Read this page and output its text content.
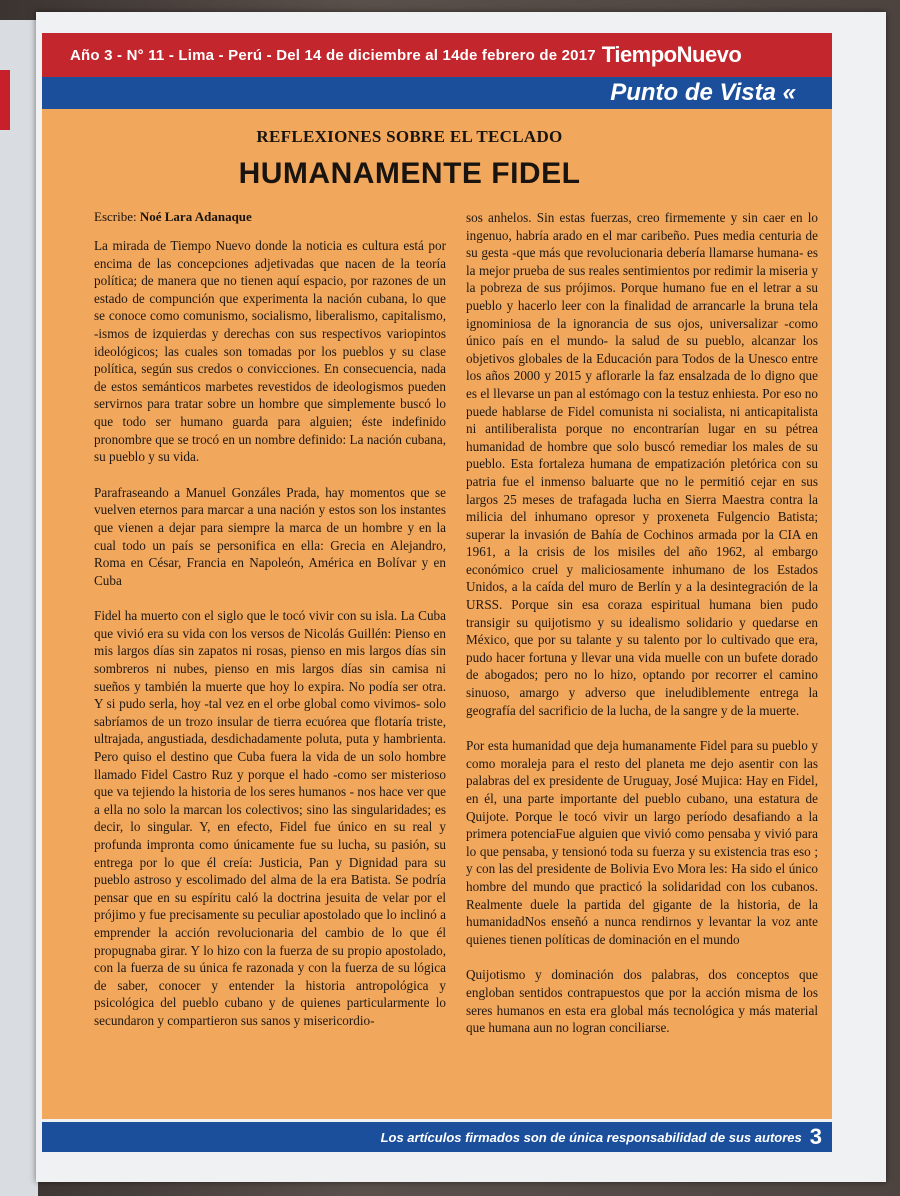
Año 3 - N° 11 - Lima - Perú - Del 14 de diciembre al 14de febrero de 2017 TiempoNuevo
Punto de Vista «
REFLEXIONES SOBRE EL TECLADO
HUMANAMENTE FIDEL
Escribe: Noé Lara Adanaque

La mirada de Tiempo Nuevo donde la noticia es cultura está por encima de las concepciones adjetivadas que nacen de la teoría política; de manera que no tienen aquí espacio, por razones de un estado de compunción que experimenta la nación cubana, lo que se conoce como comunismo, socialismo, liberalismo, capitalismo, -ismos de izquierdas y derechas con sus respectivos variopintos ideológicos; las cuales son tomadas por los pueblos y su clase política, según sus credos o convicciones. En consecuencia, nada de estos semánticos marbetes revestidos de ideologismos pueden servirnos para tratar sobre un hombre que simplemente buscó lo que todo ser humano guarda para alguien; éste indefinido pronombre que se trocó en un nombre definido: La nación cubana, su pueblo y su vida.

Parafraseando a Manuel Gonzáles Prada, hay momentos que se vuelven eternos para marcar a una nación y estos son los instantes que vienen a dejar para siempre la marca de un hombre y en la cual todo un país se personifica en ella: Grecia en Alejandro, Roma en César, Francia en Napoleón, América en Bolívar y en Cuba

Fidel ha muerto con el siglo que le tocó vivir con su isla. La Cuba que vivió era su vida con los versos de Nicolás Guillén: Pienso en mis largos días sin zapatos ni rosas, pienso en mis largos días sin sombreros ni nubes, pienso en mis largos días sin camisa ni sueños y también la muerte que hoy lo expira. No podía ser otra. Y si pudo serla, hoy -tal vez en el orbe global como vivimos- solo sabríamos de un trozo insular de tierra ecuórea que flotaría triste, ultrajada, angustiada, desdichadamente poluta, puta y hambrienta. Pero quiso el destino que Cuba fuera la vida de un solo hombre llamado Fidel Castro Ruz y porque el hado -como ser misterioso que va tejiendo la historia de los seres humanos - nos hace ver que a ella no solo la marcan los colectivos; sino las singularidades; es decir, lo singular. Y, en efecto, Fidel fue único en su real y profunda impronta como únicamente fue su lucha, su pasión, su entrega por lo que él creía: Justicia, Pan y Dignidad para su pueblo astroso y escolimado del alma de la era Batista. Se podría pensar que en su espíritu caló la doctrina jesuita de velar por el prójimo y fue precisamente su peculiar apostolado que lo inclinó a emprender la acción revolucionaria del cambio de lo que él propugnaba girar. Y lo hizo con la fuerza de su propio apostolado, con la fuerza de su única fe razonada y con la fuerza de su lógica de saber, conocer y entender la historia antropológica y psicológica del pueblo cubano y de quienes particularmente lo secundaron y compartieron sus sanos y misericordio-

sos anhelos. Sin estas fuerzas, creo firmemente y sin caer en lo ingenuo, habría arado en el mar caribeño. Pues media centuria de su gesta -que más que revolucionaria debería llamarse humana- es la mejor prueba de sus reales sentimientos por redimir la miseria y la pobreza de sus prójimos. Porque humano fue en el letrar a su pueblo y hacerlo leer con la finalidad de arrancarle la bruna tela ignominiosa de la ignorancia de sus ojos, universalizar -como único país en el mundo- la salud de su pueblo, alcanzar los objetivos globales de la Educación para Todos de la Unesco entre los años 2000 y 2015 y aflorarle la faz ensalzada de lo digno que es el llevarse un pan al estómago con la testuz enhiesta. Por eso no puede hablarse de Fidel comunista ni socialista, ni anticapitalista ni antiliberalista porque no encontrarían lugar en su pétrea humanidad de hombre que solo buscó remediar los males de su pueblo. Esta fortaleza humana de empatización pletórica con su patria fue el inmenso baluarte que no le permitió cejar en sus largos 25 meses de trafagada lucha en Sierra Maestra contra la milicia del inhumano opresor y proxeneta Fulgencio Batista; superar la invasión de Bahía de Cochinos armada por la CIA en 1961, a la crisis de los misiles del año 1962, al embargo económico cruel y maliciosamente inhumano de los Estados Unidos, a la caída del muro de Berlín y a la desintegración de la URSS. Porque sin esa coraza espiritual humana bien pudo transigir su quijotismo y su idealismo solidario y quedarse en México, que por su talante y su talento por lo cultivado que era, pudo hacer fortuna y llevar una vida muelle con un bufete dorado de abogados; pero no lo hizo, optando por recorrer el camino sinuoso, amargo y adverso que ineludiblemente entrega la geografía del sacrificio de la lucha, de la sangre y de la muerte.

Por esta humanidad que deja humanamente Fidel para su pueblo y como moraleja para el resto del planeta me dejo asentir con las palabras del ex presidente de Uruguay, José Mujica: Hay en Fidel, en él, una parte importante del pueblo cubano, una estatura de Quijote. Porque le tocó vivir un largo período desafiando a la primera potenciaFue alguien que vivió como pensaba y vivió para lo que pensaba, y tensionó toda su fuerza y su existencia tras eso ; y con las del presidente de Bolivia Evo Mora les: Ha sido el único hombre del mundo que practicó la solidaridad con los cubanos. Realmente duele la partida del gigante de la historia, de la humanidadNos enseñó a nunca rendirnos y levantar la voz ante quienes tienen políticas de dominación en el mundo

Quijotismo y dominación dos palabras, dos conceptos que engloban sentidos contrapuestos que por la acción misma de los seres humanos en esta era global más tecnológica y más material que humana aun no logran conciliarse.

Los artículos firmados son de única responsabilidad de sus autores 3
